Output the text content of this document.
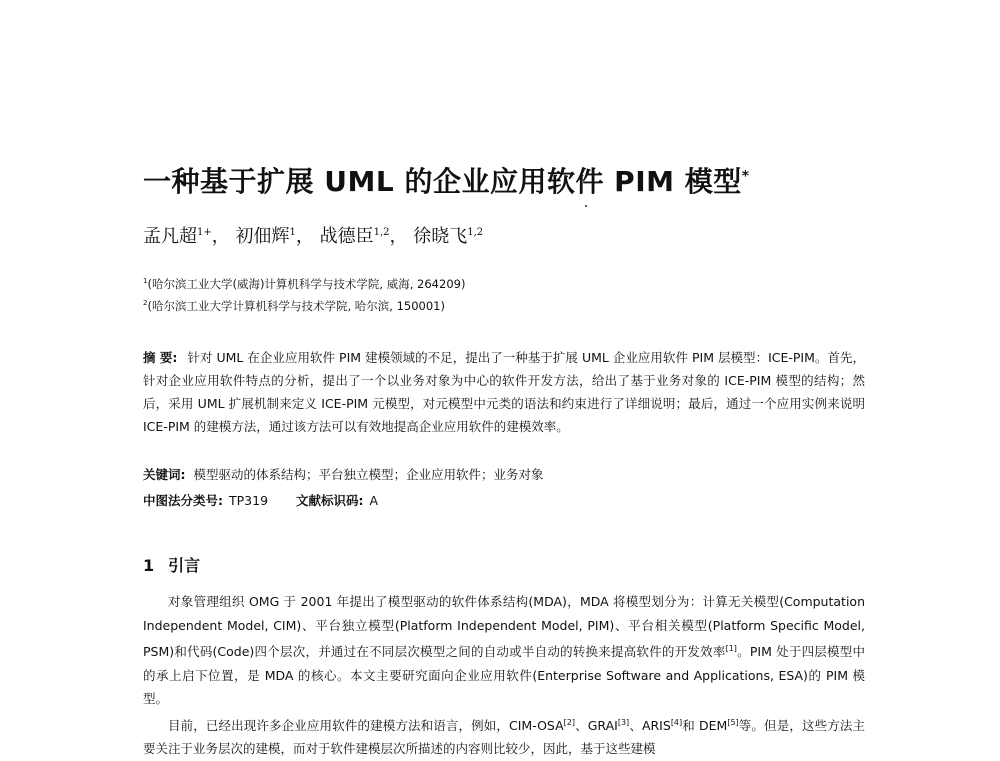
一种基于扩展 UML 的企业应用软件 PIM 模型*
孟凡超$^{1+}$， 初佃辉$^1$， 战德臣$^{1,2}$， 徐晓飞$^{1,2}$
$^1$(哈尔滨工业大学(威海)计算机科学与技术学院, 威海, 264209)
$^2$(哈尔滨工业大学计算机科学与技术学院, 哈尔滨, 150001)
摘 要: 针对 UML 在企业应用软件 PIM 建模领域的不足，提出了一种基于扩展 UML 企业应用软件 PIM 层模型：ICE-PIM。首先，针对企业应用软件特点的分析，提出了一个以业务对象为中心的软件开发方法，给出了基于业务对象的 ICE-PIM 模型的结构；然后，采用 UML 扩展机制来定义 ICE-PIM 元模型，对元模型中元类的语法和约束进行了详细说明；最后，通过一个应用实例来说明 ICE-PIM 的建模方法，通过该方法可以有效地提高企业应用软件的建模效率。
关键词: 模型驱动的体系结构；平台独立模型；企业应用软件；业务对象
中图法分类号: TP319 文献标识码: A
1 引言

对象管理组织 OMG 于 2001 年提出了模型驱动的软件体系结构(MDA)，MDA 将模型划分为：计算无关模型(Computation Independent Model, CIM)、平台独立模型(Platform Independent Model, PIM)、平台相关模型(Platform Specific Model, PSM)和代码(Code)四个层次，并通过在不同层次模型之间的自动或半自动的转换来提高软件的开发效率[1]。PIM 处于四层模型中的承上启下位置，是 MDA 的核心。本文主要研究面向企业应用软件(Enterprise Software and Applications, ESA)的 PIM 模型。

目前，已经出现许多企业应用软件的建模方法和语言，例如，CIM-OSA[2]、GRAI[3]、ARIS[4]和 DEM[5]等。但是，这些方法主要关注于业务层次的建模，而对于软件建模层次所描述的内容则比较少，因此，基于这些建模
